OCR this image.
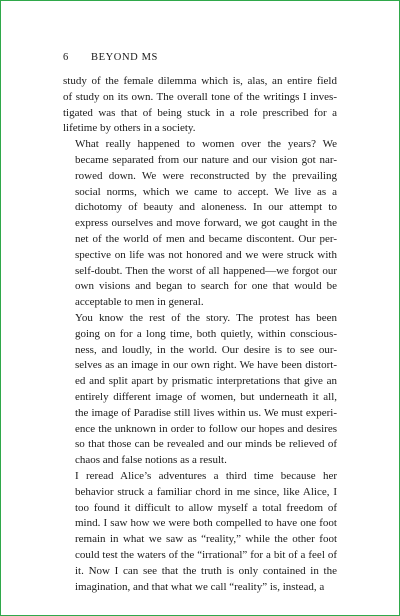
6 BEYOND MS

study of the female dilemma which is, alas, an entire field
of study on its own. The overall tone of the writings I inves-
tigated was that of being stuck in a role prescribed for a
lifetime by others in a society.

What really happened to women over the years? We
became separated from our nature and our vision got nar-
rowed down. We were reconstructed by the prevailing
social norms, which we came to accept. We live as a
dichotomy of beauty and aloneness. In our attempt to
express ourselves and move forward, we got caught in the
net of the world of men and became discontent. Our per-
spective on life was not honored and we were struck with
self-doubt. Then the worst of all happened—we forgot our
own visions and began to search for one that would be
acceptable to men in general.

You know the rest of the story. The protest has been
going on for a long time, both quietly, within conscious-
ness, and loudly, in the world. Our desire is to see our-
selves as an image in our own right. We have been distort-
ed and split apart by prismatic interpretations that give an
entirely different image of women, but underneath it all,
the image of Paradise still lives within us. We must experi-
ence the unknown in order to follow our hopes and desires
so that those can be revealed and our minds be relieved of
chaos and false notions as a result.

I reread Alice’s adventures a third time because her
behavior struck a familiar chord in me since, like Alice, I
too found it difficult to allow myself a total freedom of
mind. I saw how we were both compelled to have one foot
remain in what we saw as “reality,” while the other foot
could test the waters of the “irrational” for a bit of a feel of
it. Now I can see that the truth is only contained in the
imagination, and that what we call “reality” is, instead, a
